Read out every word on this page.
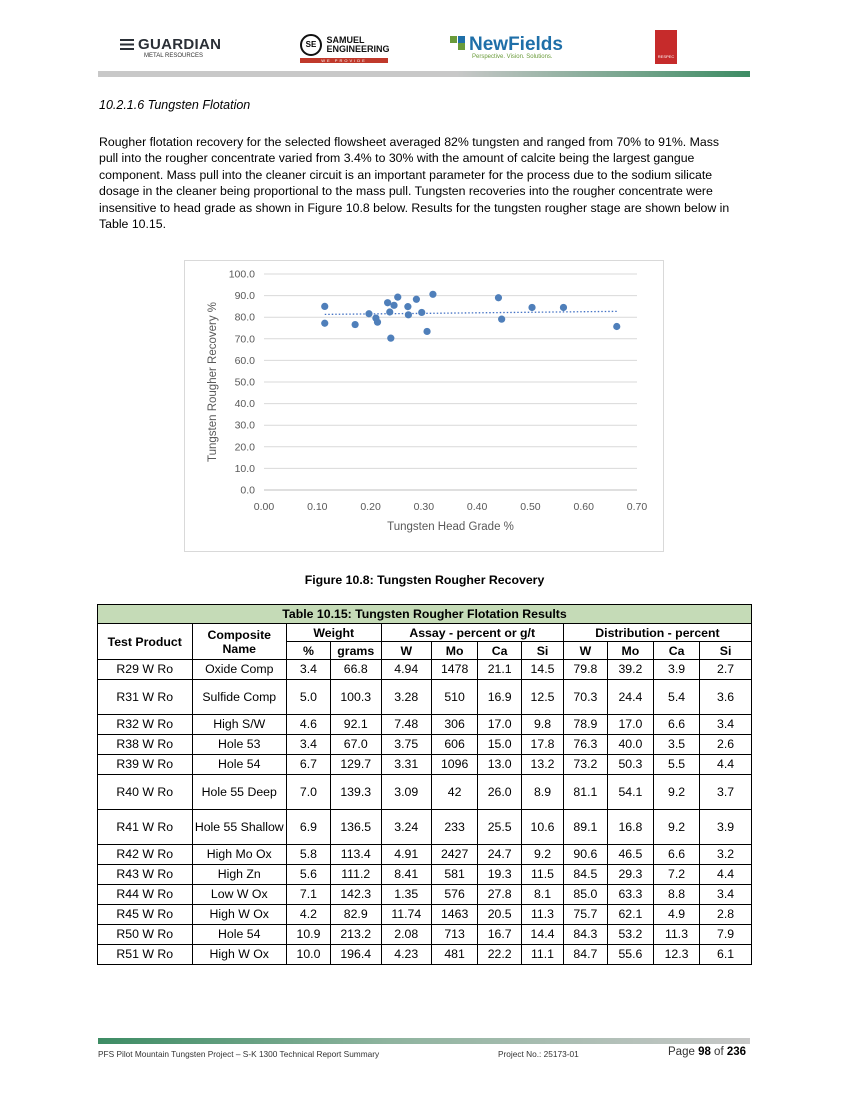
GUARDIAN
METAL RESOURCES
SE SAMUEL
ENGINEERING
WE PROVIDE SOLUTIONS
NewFields
Perspective. Vision. Solutions.	RESPEC
10.2.1.6 Tungsten Flotation

Rougher flotation recovery for the selected flowsheet averaged 82% tungsten and ranged from 70% to 91%. Mass pull into the rougher concentrate varied from 3.4% to 30% with the amount of calcite being the largest gangue component. Mass pull into the cleaner circuit is an important parameter for the process due to the sodium silicate dosage in the cleaner being proportional to the mass pull. Tungsten recoveries into the rougher concentrate were insensitive to head grade as shown in Figure 10.8 below. Results for the tungsten rougher stage are shown below in Table 10.15.

0.0
10.0
20.0
30.0
40.0
50.0
60.0
70.0
80.0
90.0
100.0
0.00	0.10	0.20	0.30	0.40	0.50	0.60	0.70
Tungsten Head Grade %
Tungsten Rougher Recovery %
Figure 10.8: Tungsten Rougher Recovery
Table 10.15: Tungsten Rougher Flotation Results											
Test Product	Composite Name	Weight		Assay - percent or g/t				Distribution - percent			
		%	grams	W	Mo	Ca	Si	W	Mo	Ca	Si
R29 W Ro	Oxide Comp	3.4	66.8	4.94	1478	21.1	14.5	79.8	39.2	3.9	2.7
R31 W Ro	Sulfide Comp	5.0	100.3	3.28	510	16.9	12.5	70.3	24.4	5.4	3.6
R32 W Ro	High S/W	4.6	92.1	7.48	306	17.0	9.8	78.9	17.0	6.6	3.4
R38 W Ro	Hole 53	3.4	67.0	3.75	606	15.0	17.8	76.3	40.0	3.5	2.6
R39 W Ro	Hole 54	6.7	129.7	3.31	1096	13.0	13.2	73.2	50.3	5.5	4.4
R40 W Ro	Hole 55 Deep	7.0	139.3	3.09	42	26.0	8.9	81.1	54.1	9.2	3.7
R41 W Ro	Hole 55 Shallow	6.9	136.5	3.24	233	25.5	10.6	89.1	16.8	9.2	3.9
R42 W Ro	High Mo Ox	5.8	113.4	4.91	2427	24.7	9.2	90.6	46.5	6.6	3.2
R43 W Ro	High Zn	5.6	111.2	8.41	581	19.3	11.5	84.5	29.3	7.2	4.4
R44 W Ro	Low W Ox	7.1	142.3	1.35	576	27.8	8.1	85.0	63.3	8.8	3.4
R45 W Ro	High W Ox	4.2	82.9	11.74	1463	20.5	11.3	75.7	62.1	4.9	2.8
R50 W Ro	Hole 54	10.9	213.2	2.08	713	16.7	14.4	84.3	53.2	11.3	7.9
R51 W Ro	High W Ox	10.0	196.4	4.23	481	22.2	11.1	84.7	55.6	12.3	6.1
PFS Pilot Mountain Tungsten Project – S-K 1300 Technical Report Summary	Project No.: 25173-01	Page 98 of 236
